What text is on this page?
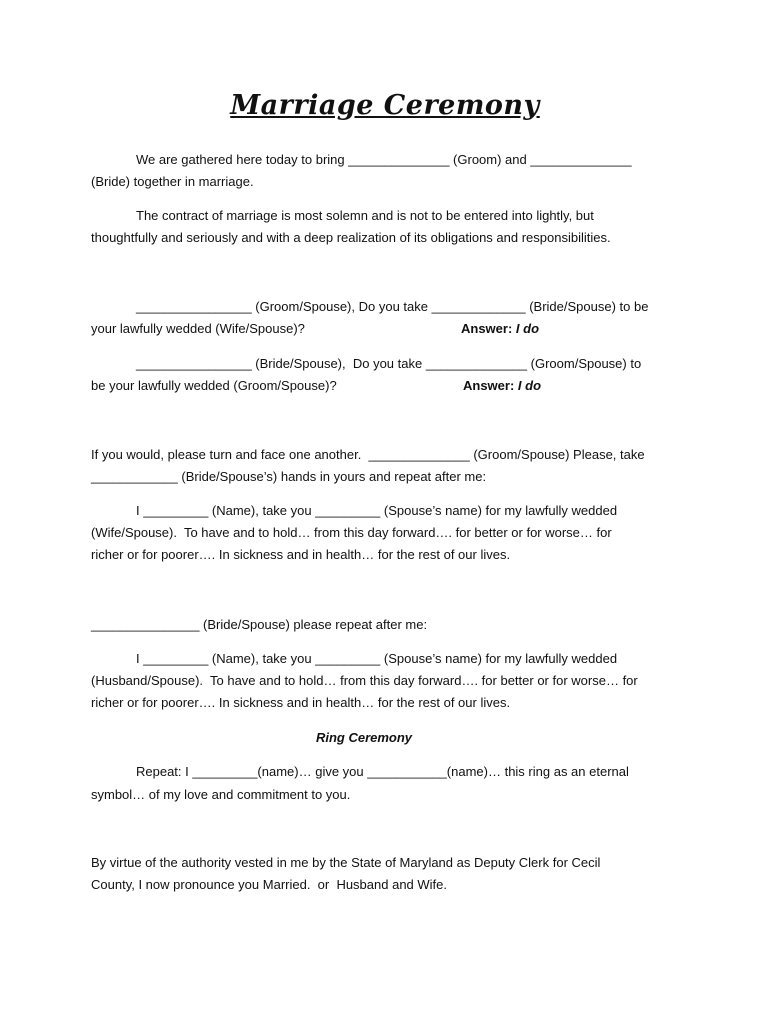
Marriage Ceremony
We are gathered here today to bring ______________ (Groom) and ______________
(Bride) together in marriage.
The contract of marriage is most solemn and is not to be entered into lightly, but
thoughtfully and seriously and with a deep realization of its obligations and responsibilities.
________________ (Groom/Spouse), Do you take _____________ (Bride/Spouse) to be
your lawfully wedded (Wife/Spouse)?	Answer: I do
________________ (Bride/Spouse),  Do you take ______________ (Groom/Spouse) to
be your lawfully wedded (Groom/Spouse)?	Answer: I do
If you would, please turn and face one another.  ______________ (Groom/Spouse) Please, take
____________ (Bride/Spouse’s) hands in yours and repeat after me:
I _________ (Name), take you _________ (Spouse’s name) for my lawfully wedded
(Wife/Spouse).  To have and to hold… from this day forward…. for better or for worse… for
richer or for poorer…. In sickness and in health… for the rest of our lives.
_______________ (Bride/Spouse) please repeat after me:
I _________ (Name), take you _________ (Spouse’s name) for my lawfully wedded
(Husband/Spouse).  To have and to hold… from this day forward…. for better or for worse… for
richer or for poorer…. In sickness and in health… for the rest of our lives.
Ring Ceremony
Repeat: I _________(name)… give you ___________(name)… this ring as an eternal
symbol… of my love and commitment to you.
By virtue of the authority vested in me by the State of Maryland as Deputy Clerk for Cecil
County, I now pronounce you Married.  or  Husband and Wife.
